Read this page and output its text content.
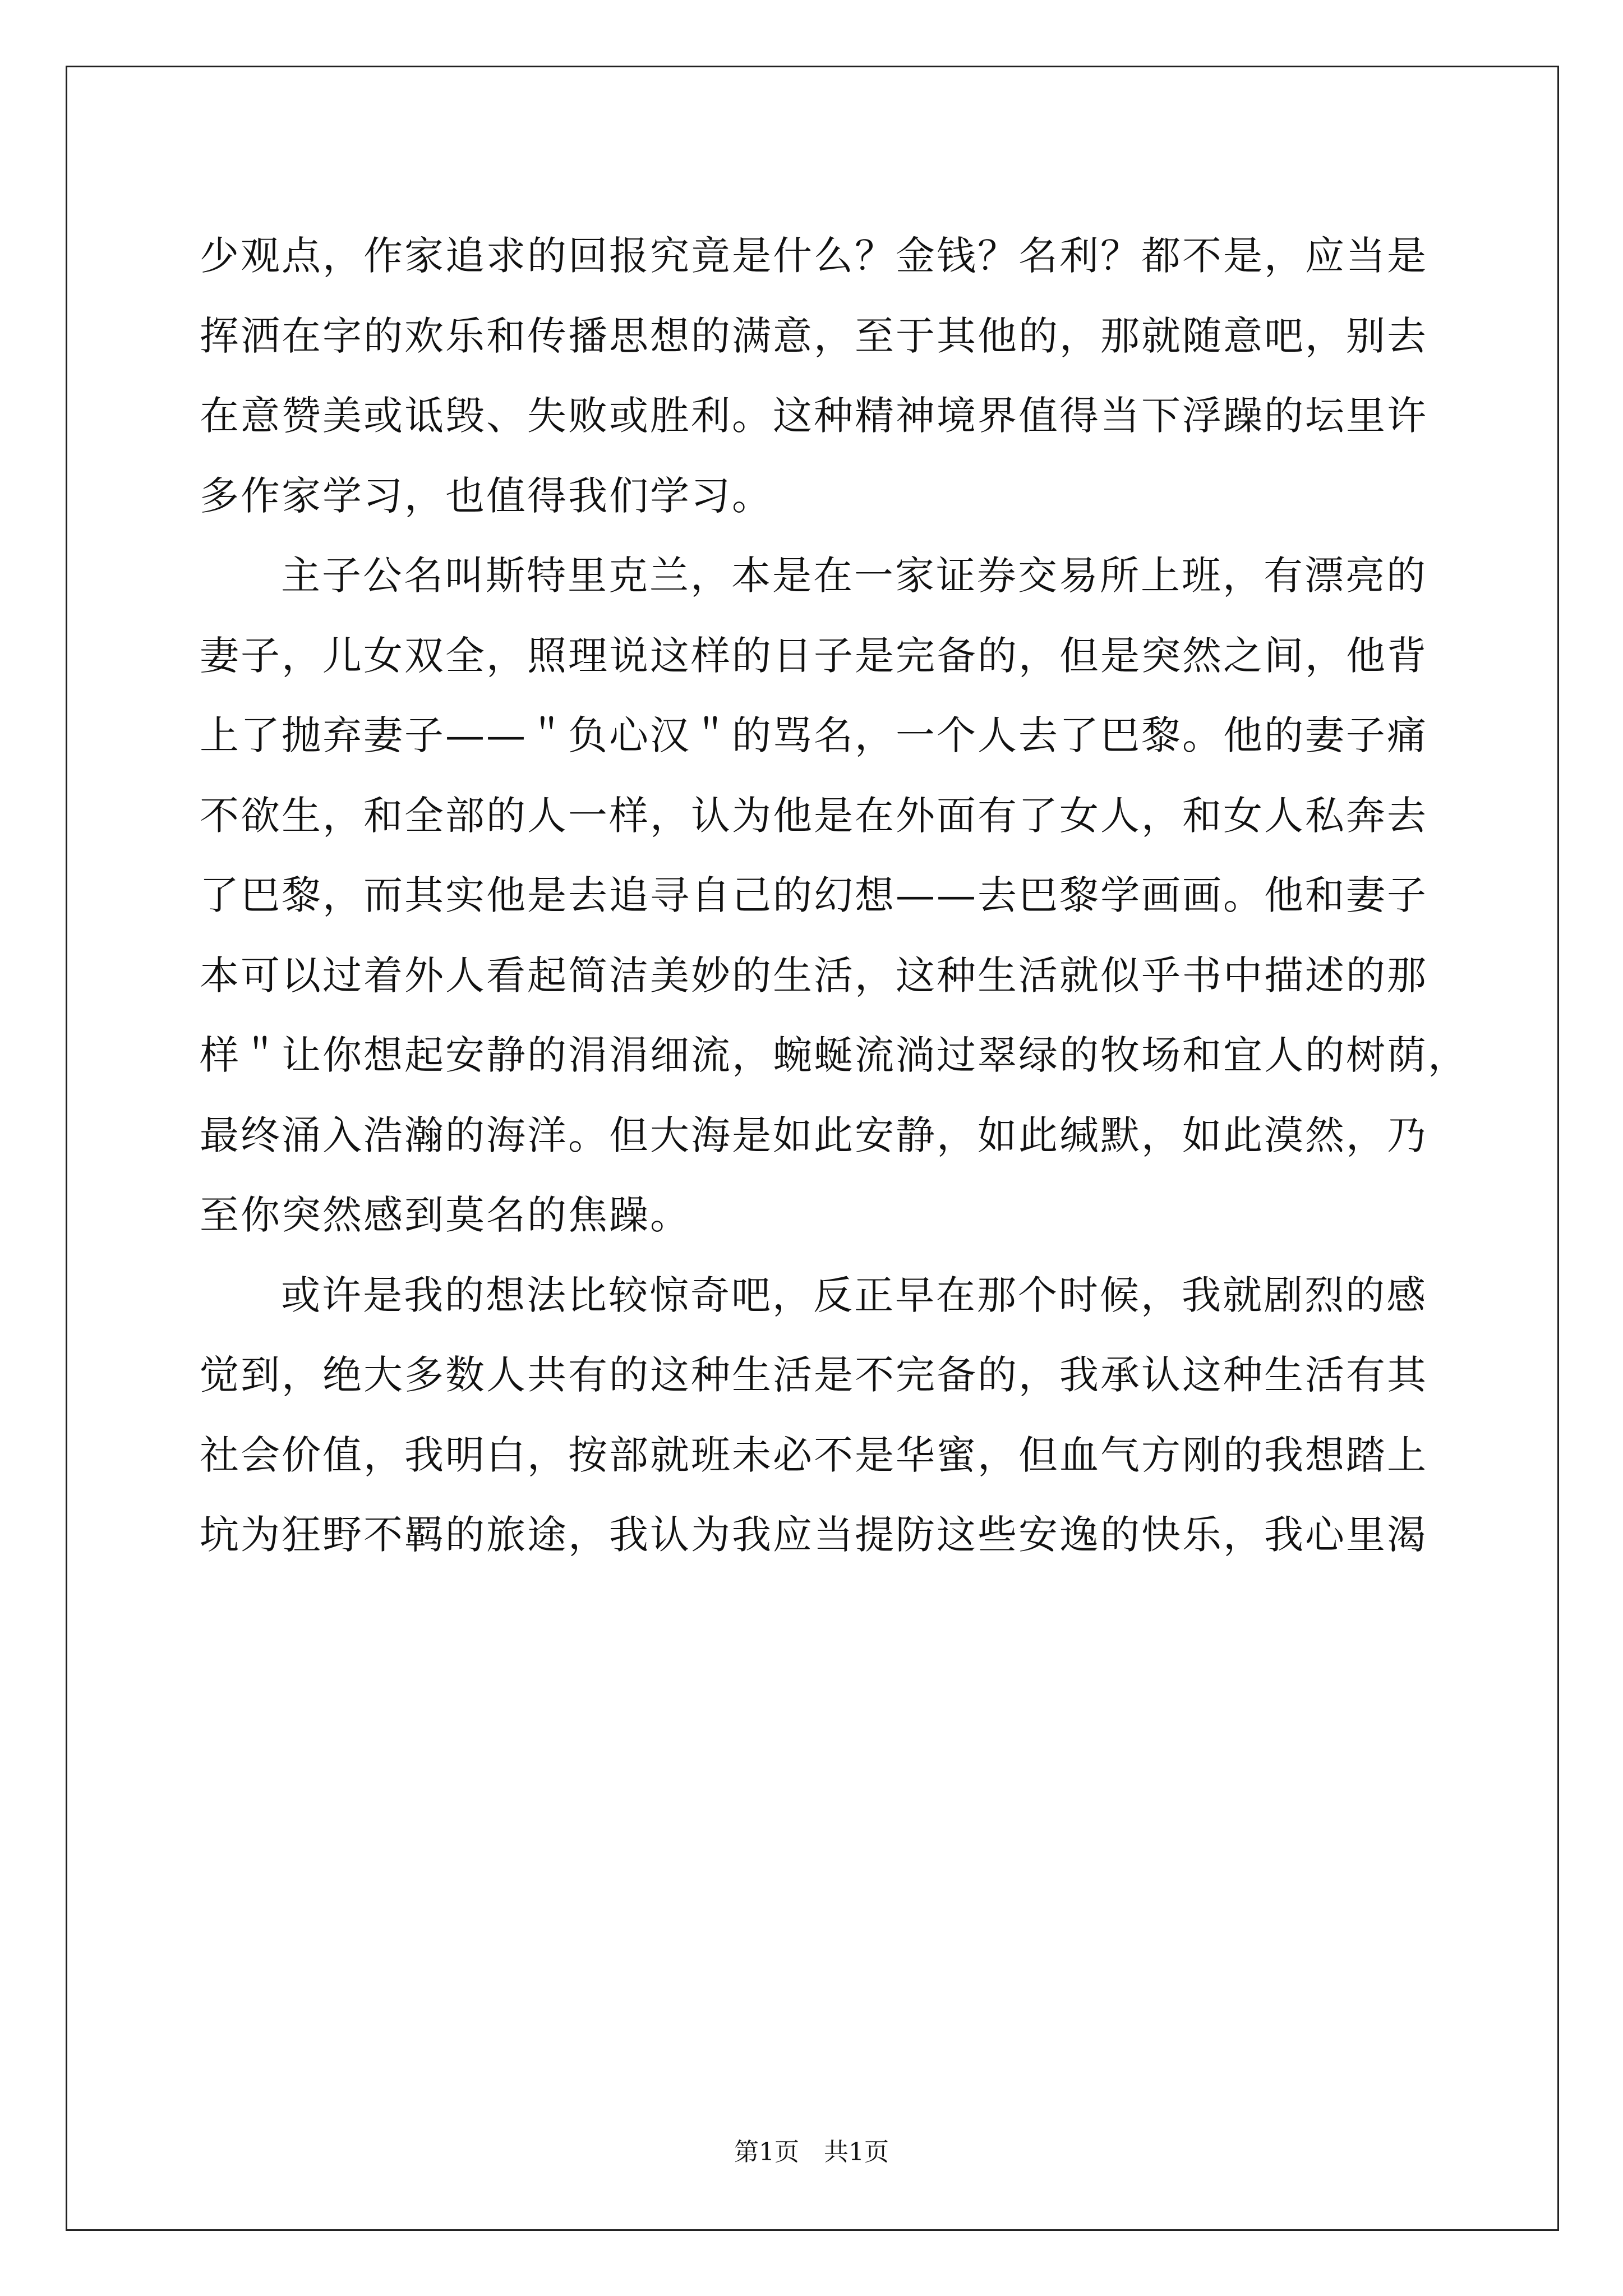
少观点，作家追求的回报究竟是什么？金钱？名利？都不是，应当是
挥洒在字的欢乐和传播思想的满意，至于其他的，那就随意吧，别去
在意赞美或诋毁、失败或胜利。这种精神境界值得当下浮躁的坛里许
多作家学习，也值得我们学习。
主子公名叫斯特里克兰，本是在一家证券交易所上班，有漂亮的
妻子，儿女双全，照理说这样的日子是完备的，但是突然之间，他背
上了抛弃妻子——＂负心汉＂的骂名，一个人去了巴黎。他的妻子痛
不欲生，和全部的人一样，认为他是在外面有了女人，和女人私奔去
了巴黎，而其实他是去追寻自己的幻想——去巴黎学画画。他和妻子
本可以过着外人看起简洁美妙的生活，这种生活就似乎书中描述的那
样＂让你想起安静的涓涓细流，蜿蜒流淌过翠绿的牧场和宜人的树荫，
最终涌入浩瀚的海洋。但大海是如此安静，如此缄默，如此漠然，乃
至你突然感到莫名的焦躁。
或许是我的想法比较惊奇吧，反正早在那个时候，我就剧烈的感
觉到，绝大多数人共有的这种生活是不完备的，我承认这种生活有其
社会价值，我明白，按部就班未必不是华蜜，但血气方刚的我想踏上
坑为狂野不羁的旅途，我认为我应当提防这些安逸的快乐，我心里渴
第1页　共1页
